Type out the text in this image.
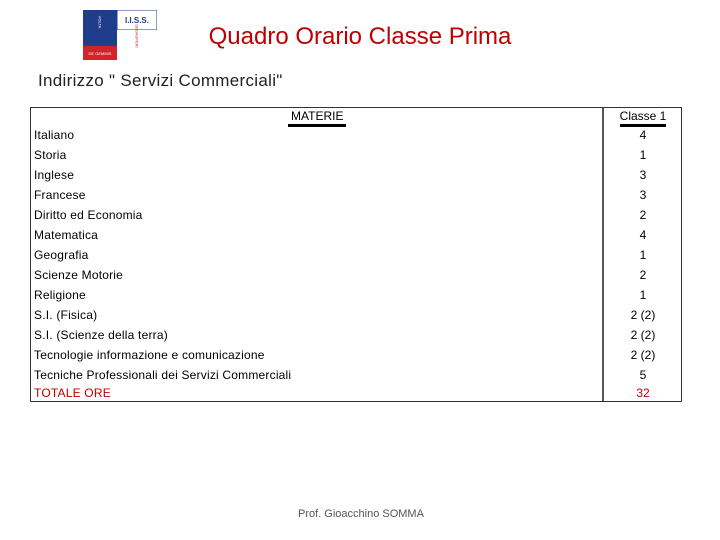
I.I.S.S.
VOLTA
DEGASPERI
DE GEMMIS
Quadro Orario Classe Prima
Indirizzo " Servizi Commerciali"
MATERIE	Classe 1
Italiano	4
Storia	1
Inglese	3
Francese	3
Diritto ed Economia	2
Matematica	4
Geografia	1
Scienze Motorie	2
Religione	1
S.I. (Fisica)	2 (2)
S.I. (Scienze della terra)	2 (2)
Tecnologie informazione e comunicazione	2 (2)
Tecniche Professionali dei Servizi Commerciali	5
TOTALE ORE	32
Prof. Gioacchino SOMMA
